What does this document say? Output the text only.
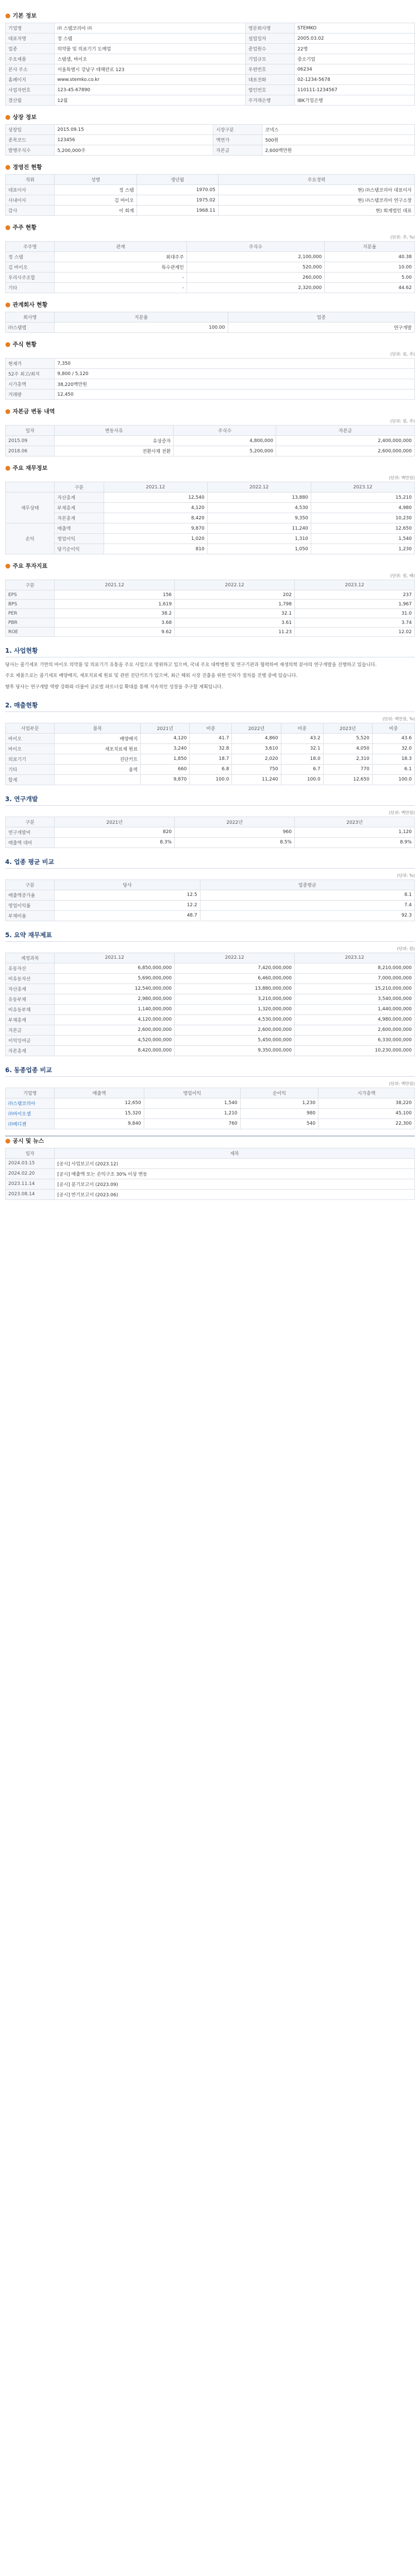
● 기본 정보
기업명	㈜ 스템코리아 ㈜	영문회사명	STEMKO
대표자명	정 스템	설립일자	2005.03.02
업종	의약품 및 의료기기 도매업	종업원수	22명
주요제품	스템셀, 바이오	기업규모	중소기업
본사 주소	서울특별시 강남구 테헤란로 123	우편번호	06234
홈페이지	www.stemko.co.kr	대표전화	02-1234-5678
사업자번호	123-45-67890	법인번호	110111-1234567
결산월	12월	주거래은행	IBK기업은행
● 상장 정보
상장일	2015.09.15	시장구분	코넥스
종목코드	123456	액면가	500원
발행주식수	5,200,000주	자본금	2,600백만원
● 경영진 현황
직위	성명	생년월	주요경력
대표이사	정 스템	1970.05	현) ㈜스템코리아 대표이사
사내이사	김 바이오	1975.02	현) ㈜스템코리아 연구소장
감사	이 회계	1968.11	현) 회계법인 대표
● 주주 현황
(단위: 주, %)
주주명	관계	주식수	지분율
정 스템	최대주주	2,100,000	40.38
김 바이오	특수관계인	520,000	10.00
우리사주조합	-	260,000	5.00
기타	-	2,320,000	44.62
● 관계회사 현황
회사명	지분율	업종
㈜스템랩	100.00	연구개발
● 주식 현황
(단위: 원, 주)
현재가	7,350
52주 최고/최저	9,800 / 5,120
시가총액	38,220백만원
거래량	12,450
● 자본금 변동 내역
(단위: 원, 주)
일자	변동사유	주식수	자본금
2015.09	유상증자	4,800,000	2,400,000,000
2018.06	전환사채 전환	5,200,000	2,600,000,000
● 주요 재무정보
(단위: 백만원)
	구분	2021.12	2022.12	2023.12
재무상태	자산총계	12,540	13,880	15,210
	부채총계	4,120	4,530	4,980
	자본총계	8,420	9,350	10,230
손익	매출액	9,870	11,240	12,650
	영업이익	1,020	1,310	1,540
	당기순이익	810	1,050	1,230
● 주요 투자지표
(단위: 원, 배)
구분	2021.12	2022.12	2023.12
EPS	156	202	237
BPS	1,619	1,798	1,967
PER	38.2	32.1	31.0
PBR	3.68	3.61	3.74
ROE	9.62	11.23	12.02
1. 사업현황

당사는 줄기세포 기반의 바이오 의약품 및 의료기기 유통을 주요 사업으로 영위하고 있으며, 국내 주요 대학병원 및 연구기관과 협력하여 재생의학 분야의 연구개발을 진행하고 있습니다.

주요 제품으로는 줄기세포 배양배지, 세포치료제 원료 및 관련 진단키트가 있으며, 최근 해외 시장 진출을 위한 인허가 절차를 진행 중에 있습니다.

향후 당사는 연구개발 역량 강화와 더불어 글로벌 파트너십 확대를 통해 지속적인 성장을 추구할 계획입니다.

2. 매출현황
(단위: 백만원, %)
사업부문	품목	2021년	비중	2022년	비중	2023년	비중
바이오	배양배지	4,120	41.7	4,860	43.2	5,520	43.6
바이오	세포치료제 원료	3,240	32.8	3,610	32.1	4,050	32.0
의료기기	진단키트	1,850	18.7	2,020	18.0	2,310	18.3
기타	용역	660	6.8	750	6.7	770	6.1
합계		9,870	100.0	11,240	100.0	12,650	100.0
3. 연구개발
(단위: 백만원)
구분	2021년	2022년	2023년
연구개발비	820	960	1,120
매출액 대비	8.3%	8.5%	8.9%
4. 업종 평균 비교
(단위: %)
구분	당사	업종평균
매출액증가율	12.5	8.1
영업이익률	12.2	7.4
부채비율	48.7	92.3
5. 요약 재무제표
(단위: 원)
계정과목	2021.12	2022.12	2023.12
유동자산	6,850,000,000	7,420,000,000	8,210,000,000
비유동자산	5,690,000,000	6,460,000,000	7,000,000,000
자산총계	12,540,000,000	13,880,000,000	15,210,000,000
유동부채	2,980,000,000	3,210,000,000	3,540,000,000
비유동부채	1,140,000,000	1,320,000,000	1,440,000,000
부채총계	4,120,000,000	4,530,000,000	4,980,000,000
자본금	2,600,000,000	2,600,000,000	2,600,000,000
이익잉여금	4,520,000,000	5,450,000,000	6,330,000,000
자본총계	8,420,000,000	9,350,000,000	10,230,000,000
6. 동종업종 비교
(단위: 백만원)
기업명	매출액	영업이익	순이익	시가총액
㈜스템코리아	12,650	1,540	1,230	38,220
㈜바이오셀	15,320	1,210	980	45,100
㈜메디젠	9,840	760	540	22,300
● 공시 및 뉴스
일자	제목
2024.03.15	[공시] 사업보고서 (2023.12)
2024.02.20	[공시] 매출액 또는 손익구조 30% 이상 변동
2023.11.14	[공시] 분기보고서 (2023.09)
2023.08.14	[공시] 반기보고서 (2023.06)
